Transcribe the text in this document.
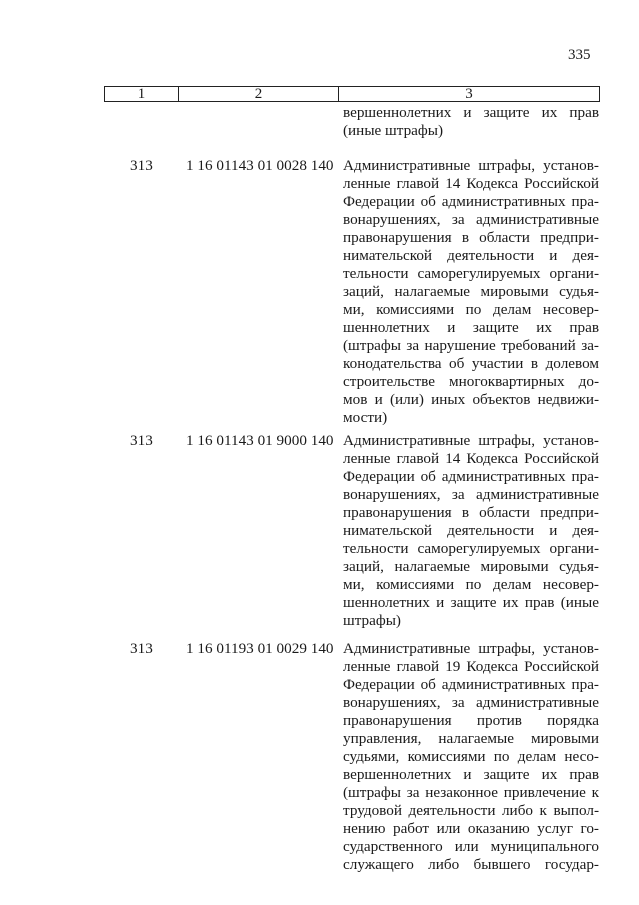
335
1	2	3
вершеннолетних и защите их прав
(иные штрафы)
313	1 16 01143 01 0028 140 Административные штрафы, установ-
ленные главой 14 Кодекса Российской
Федерации об административных пра-
вонарушениях, за административные
правонарушения в области предпри-
нимательской деятельности и дея-
тельности саморегулируемых органи-
заций, налагаемые мировыми судья-
ми, комиссиями по делам несовер-
шеннолетних и защите их прав
(штрафы за нарушение требований за-
конодательства об участии в долевом
строительстве многоквартирных до-
мов и (или) иных объектов недвижи-
мости)
313	1 16 01143 01 9000 140 Административные штрафы, установ-
ленные главой 14 Кодекса Российской
Федерации об административных пра-
вонарушениях, за административные
правонарушения в области предпри-
нимательской деятельности и дея-
тельности саморегулируемых органи-
заций, налагаемые мировыми судья-
ми, комиссиями по делам несовер-
шеннолетних и защите их прав (иные
штрафы)
313	1 16 01193 01 0029 140 Административные штрафы, установ-
ленные главой 19 Кодекса Российской
Федерации об административных пра-
вонарушениях, за административные
правонарушения против порядка
управления, налагаемые мировыми
судьями, комиссиями по делам несо-
вершеннолетних и защите их прав
(штрафы за незаконное привлечение к
трудовой деятельности либо к выпол-
нению работ или оказанию услуг го-
сударственного или муниципального
служащего либо бывшего государ-
